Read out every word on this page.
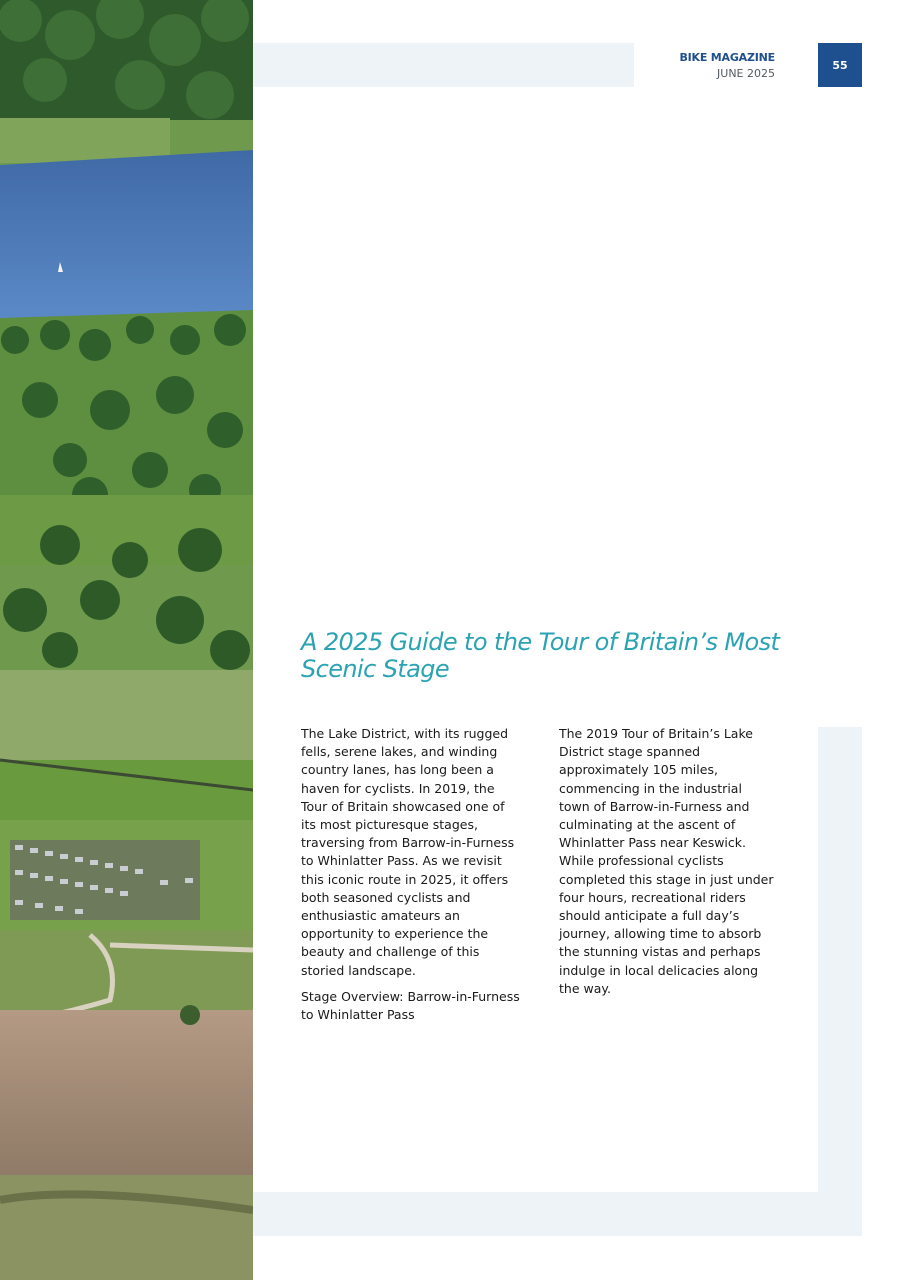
BIKE MAGAZINE
JUNE 2025
55
A 2025 Guide to the Tour of Britain’s Most Scenic Stage

The Lake District, with its rugged fells, serene lakes, and winding country lanes, has long been a haven for cyclists. In 2019, the Tour of Britain showcased one of its most picturesque stages, traversing from Barrow-in-Furness to Whinlatter Pass. As we revisit this iconic route in 2025, it offers both seasoned cyclists and enthusiastic amateurs an opportunity to experience the beauty and challenge of this storied landscape.

Stage Overview: Barrow-in-Furness to Whinlatter Pass

The 2019 Tour of Britain’s Lake District stage spanned approximately 105 miles, commencing in the industrial town of Barrow-in-Furness and culminating at the ascent of Whinlatter Pass near Keswick. While professional cyclists completed this stage in just under four hours, recreational riders should anticipate a full day’s journey, allowing time to absorb the stunning vistas and perhaps indulge in local delicacies along the way.
